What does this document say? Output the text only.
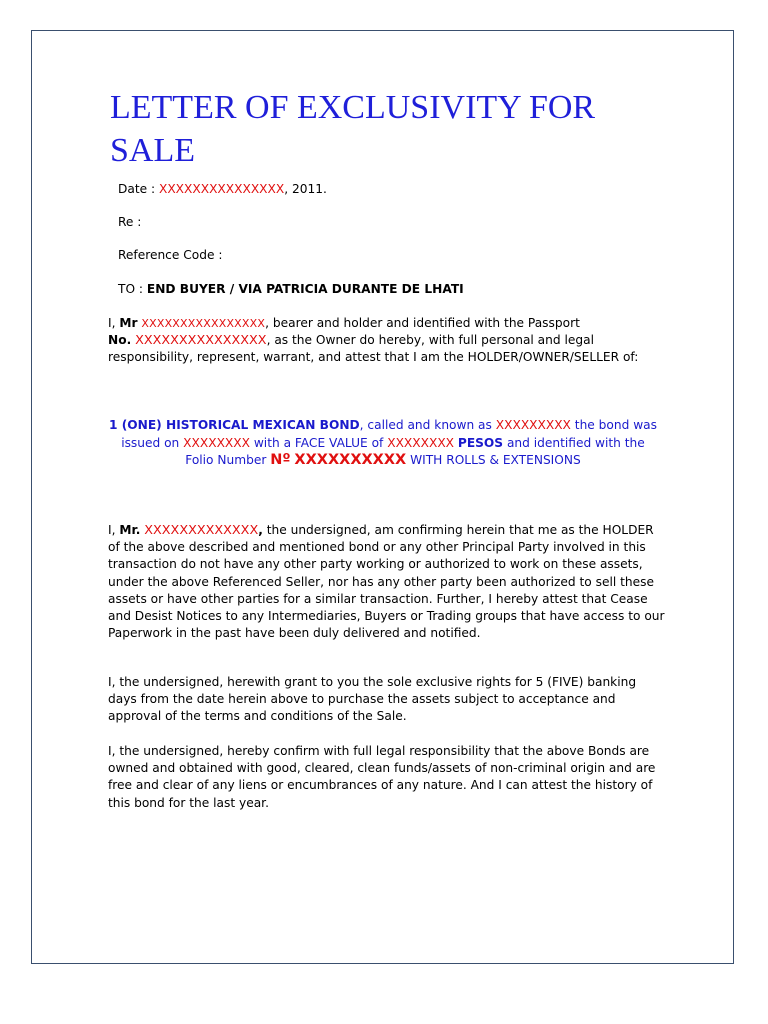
LETTER OF EXCLUSIVITY FOR SALE
Date : XXXXXXXXXXXXXXX, 2011.
Re :
Reference Code :
TO : END BUYER / VIA PATRICIA DURANTE DE LHATI

I, Mr XXXXXXXXXXXXXXXX, bearer and holder and identified with the Passport
No. XXXXXXXXXXXXXXX, as the Owner do hereby, with full personal and legal responsibility, represent, warrant, and attest that I am the HOLDER/OWNER/SELLER of:

1 (ONE) HISTORICAL MEXICAN BOND, called and known as XXXXXXXXX the bond was issued on XXXXXXXX with a FACE VALUE of XXXXXXXX PESOS and identified with the Folio Number Nº XXXXXXXXXX WITH ROLLS & EXTENSIONS

I, Mr. XXXXXXXXXXXXX, the undersigned, am confirming herein that me as the HOLDER of the above described and mentioned bond or any other Principal Party involved in this transaction do not have any other party working or authorized to work on these assets, under the above Referenced Seller, nor has any other party been authorized to sell these assets or have other parties for a similar transaction. Further, I hereby attest that Cease and Desist Notices to any Intermediaries, Buyers or Trading groups that have access to our Paperwork in the past have been duly delivered and notified.

I, the undersigned, herewith grant to you the sole exclusive rights for 5 (FIVE) banking days from the date herein above to purchase the assets subject to acceptance and approval of the terms and conditions of the Sale.

I, the undersigned, hereby confirm with full legal responsibility that the above Bonds are owned and obtained with good, cleared, clean funds/assets of non-criminal origin and are free and clear of any liens or encumbrances of any nature. And I can attest the history of this bond for the last year.
